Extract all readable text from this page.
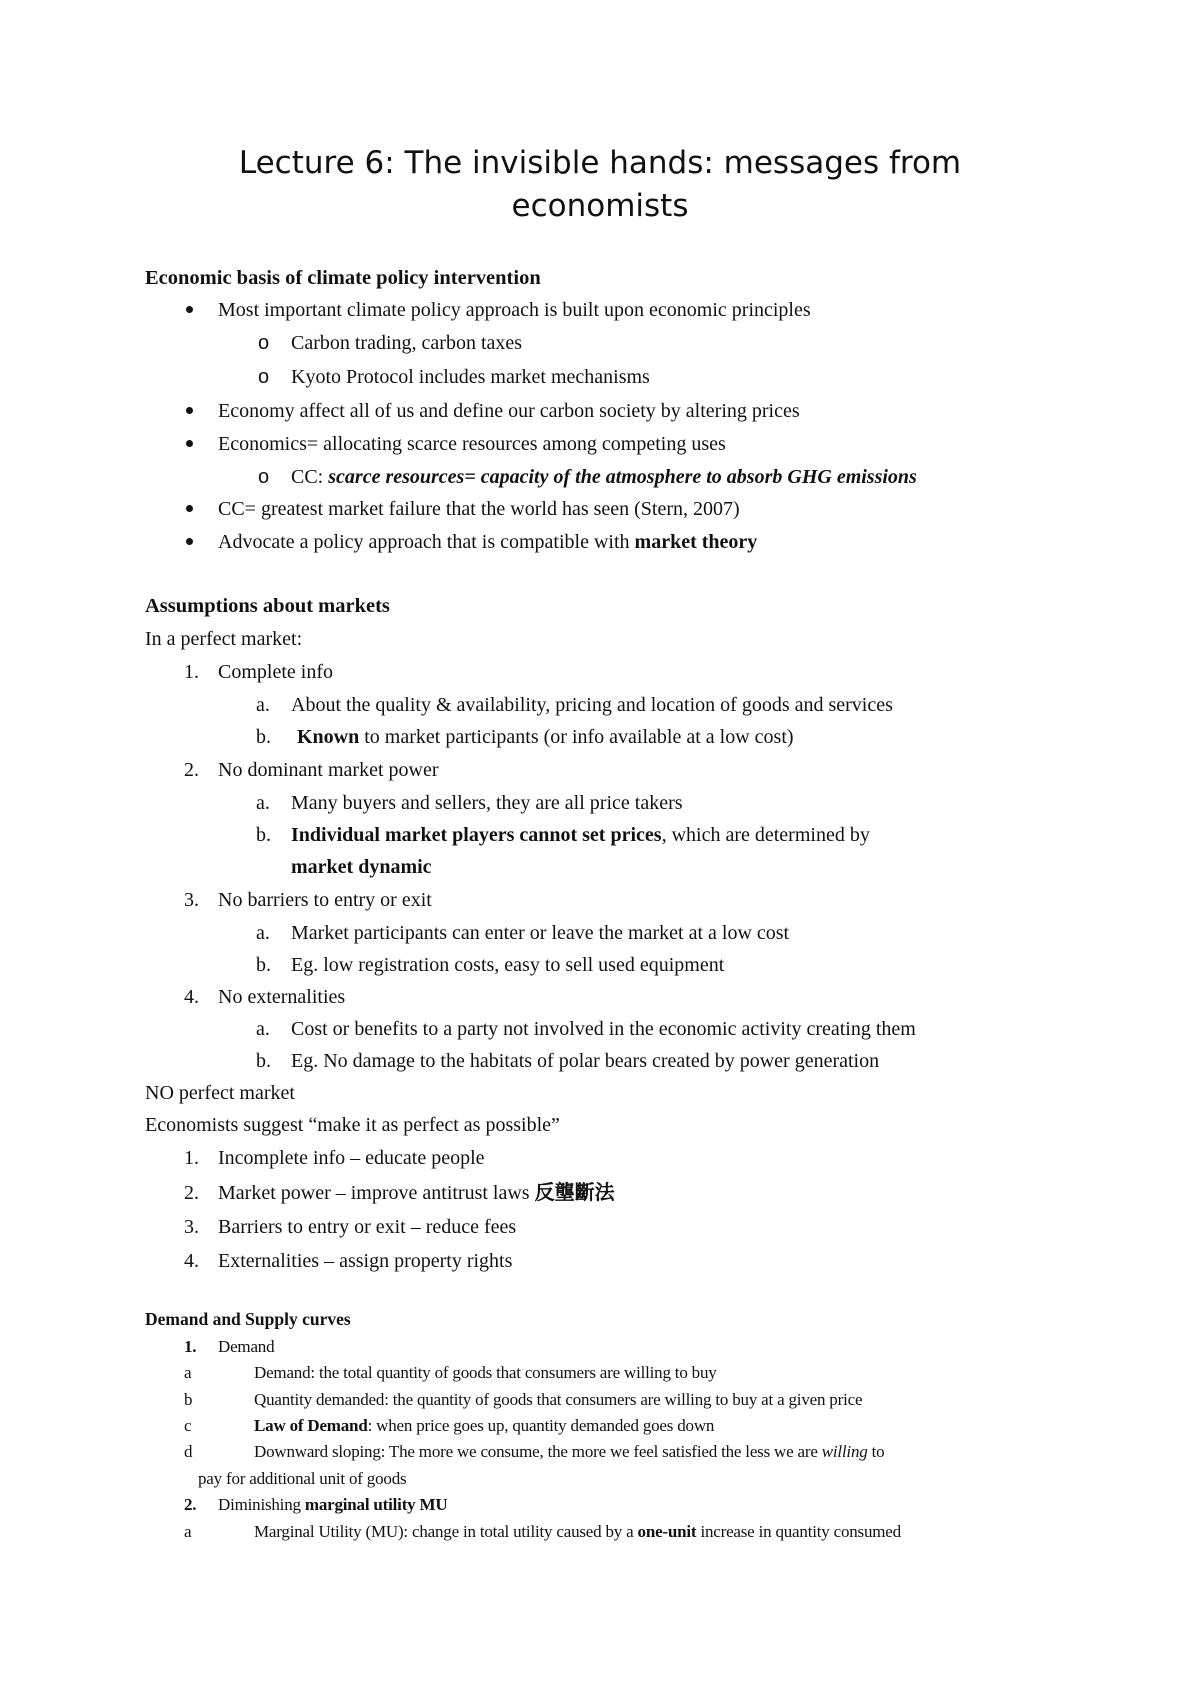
Lecture 6: The invisible hands: messages from
economists
Economic basis of climate policy intervention
Most important climate policy approach is built upon economic principles
o Carbon trading, carbon taxes
o Kyoto Protocol includes market mechanisms
Economy affect all of us and define our carbon society by altering prices
Economics= allocating scarce resources among competing uses
o CC: scarce resources= capacity of the atmosphere to absorb GHG emissions
CC= greatest market failure that the world has seen (Stern, 2007)
Advocate a policy approach that is compatible with market theory
Assumptions about markets
In a perfect market:
1. Complete info
a. About the quality & availability, pricing and location of goods and services
b. Known to market participants (or info available at a low cost)
2. No dominant market power
a. Many buyers and sellers, they are all price takers
b. Individual market players cannot set prices, which are determined by
market dynamic
3. No barriers to entry or exit
a. Market participants can enter or leave the market at a low cost
b. Eg. low registration costs, easy to sell used equipment
4. No externalities
a. Cost or benefits to a party not involved in the economic activity creating them
b. Eg. No damage to the habitats of polar bears created by power generation
NO perfect market
Economists suggest “make it as perfect as possible”
1. Incomplete info – educate people
2. Market power – improve antitrust laws 反壟斷法
3. Barriers to entry or exit – reduce fees
4. Externalities – assign property rights
Demand and Supply curves
1. Demand
a	Demand: the total quantity of goods that consumers are willing to buy
b	Quantity demanded: the quantity of goods that consumers are willing to buy at a given price
c	Law of Demand: when price goes up, quantity demanded goes down
d	Downward sloping: The more we consume, the more we feel satisfied the less we are willing to
pay for additional unit of goods
2. Diminishing marginal utility MU
a	Marginal Utility (MU): change in total utility caused by a one-unit increase in quantity consumed
